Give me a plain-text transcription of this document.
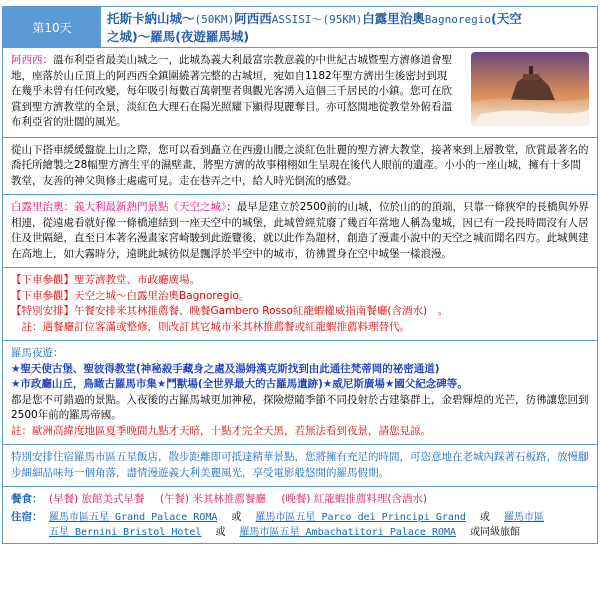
第10天
托斯卡納山城～(50KM)阿西西ASSISI～(95KM)白露里治奧Bagnoregio(天空
之城)～羅馬(夜遊羅馬城)
阿西西：溫布利亞省最美山城之一，此城為義大利最富宗教意義的中世紀古城暨聖方濟修道會聖地，座落於山丘頂上的阿西西全鎮圍繞著完整的古城垣，宛如自1182年聖方濟出生後密封到現在幾乎未曾有任何改變，每年吸引每數百萬朝聖者與觀光客湧入這個三千居民的小鎮。您可在欣賞到聖方濟教堂的全景，淡紅色大理石在陽光照耀下顯得現麗奪目。亦可悠閒地從教堂外俯看溫布利亞省的壯闊的風光。
從山下搭車緩緩盤旋上山之際，您可以看到矗立在西邊山腰之淡紅色壯麗的聖方濟大教堂，接著來到上層教堂，欣賞最著名的喬托所繪製之28幅聖方濟生平的濕壁畫，將聖方濟的故事栩栩如生呈現在後代人眼前的遺產。小小的一座山城，擁有十多間教堂，友善的神父與修士處處可見。走在巷弄之中，給人時光倒流的感覺。
白露里治奧：義大利最新熱門景點《天空之城》：最早是建立於2500前的山城，位於山的的頂端，只靠一條狹窄的長橋與外界相連，從遠處看就好像一條橋連結到一座天空中的城堡，此城曾經荒廢了幾百年當地人稱為鬼城，因已有一段長時間沒有人居住及世隔絕，直至日本著名漫畫家宮崎駿到此遊覽後，就以此作為題材，創造了漫畫小說中的天空之城而聞名四方。此城興建在高地上，如大霧時分，遠眺此城彷似是飄浮於半空中的城市，彷彿置身在空中城堡一樣浪漫。
【下車參觀】聖芳濟教堂、市政廳廣場。
【下車參觀】天空之城～白露里治奧Bagnoregio。
【特別安排】午餐安排米其林推薦餐、晚餐Gambero Rosso紅龍蝦權威指南餐廳(含酒水)　。
　註：遇餐廳訂位客滿或整修，則改訂其它城市米其林推薦餐或紅龍蝦推薦料理替代。
羅馬夜遊：
★聖天使古堡、聖彼得教堂(神秘殺手藏身之處及湯姆漢克斯找到由此通往梵蒂岡的祕密通道)
★市政廳山丘，鳥瞰古羅馬市集★鬥獸場(全世界最大的古羅馬遺跡)★威尼斯廣場★國父紀念碑等。
都是您不可錯過的景點。入夜後的古羅馬城更加神秘，探險燈隨季節不同投射於古建築群上，金碧輝煌的光芒，彷彿讓您回到2500年前的羅馬帝國。
註：歐洲高緯度地區夏季晚間九點才天暗，十點才完全天黑，若無法看到夜景，請您見諒。
特別安排住宿羅馬市區五星飯店，散步距離即可抵達精華景點，您將擁有充足的時間，可恣意地在老城內踩著石板路，放慢腳步細細品味每一個角落，盡情漫遊義大利美麗風光，享受電影般悠閒的羅馬假期。
餐食： (早餐) 旅館美式早餐 (午餐) 米其林推薦餐廳 (晚餐) 紅龍蝦推薦料理(含酒水)
住宿： 羅馬市區五星 Grand Palace ROMA 或 羅馬市區五星 Parco dei Principi Grand 或 羅馬市區
五星 Bernini Bristol Hotel 或 羅馬市區五星 Ambachatitori Palace ROMA 或同級旅館
